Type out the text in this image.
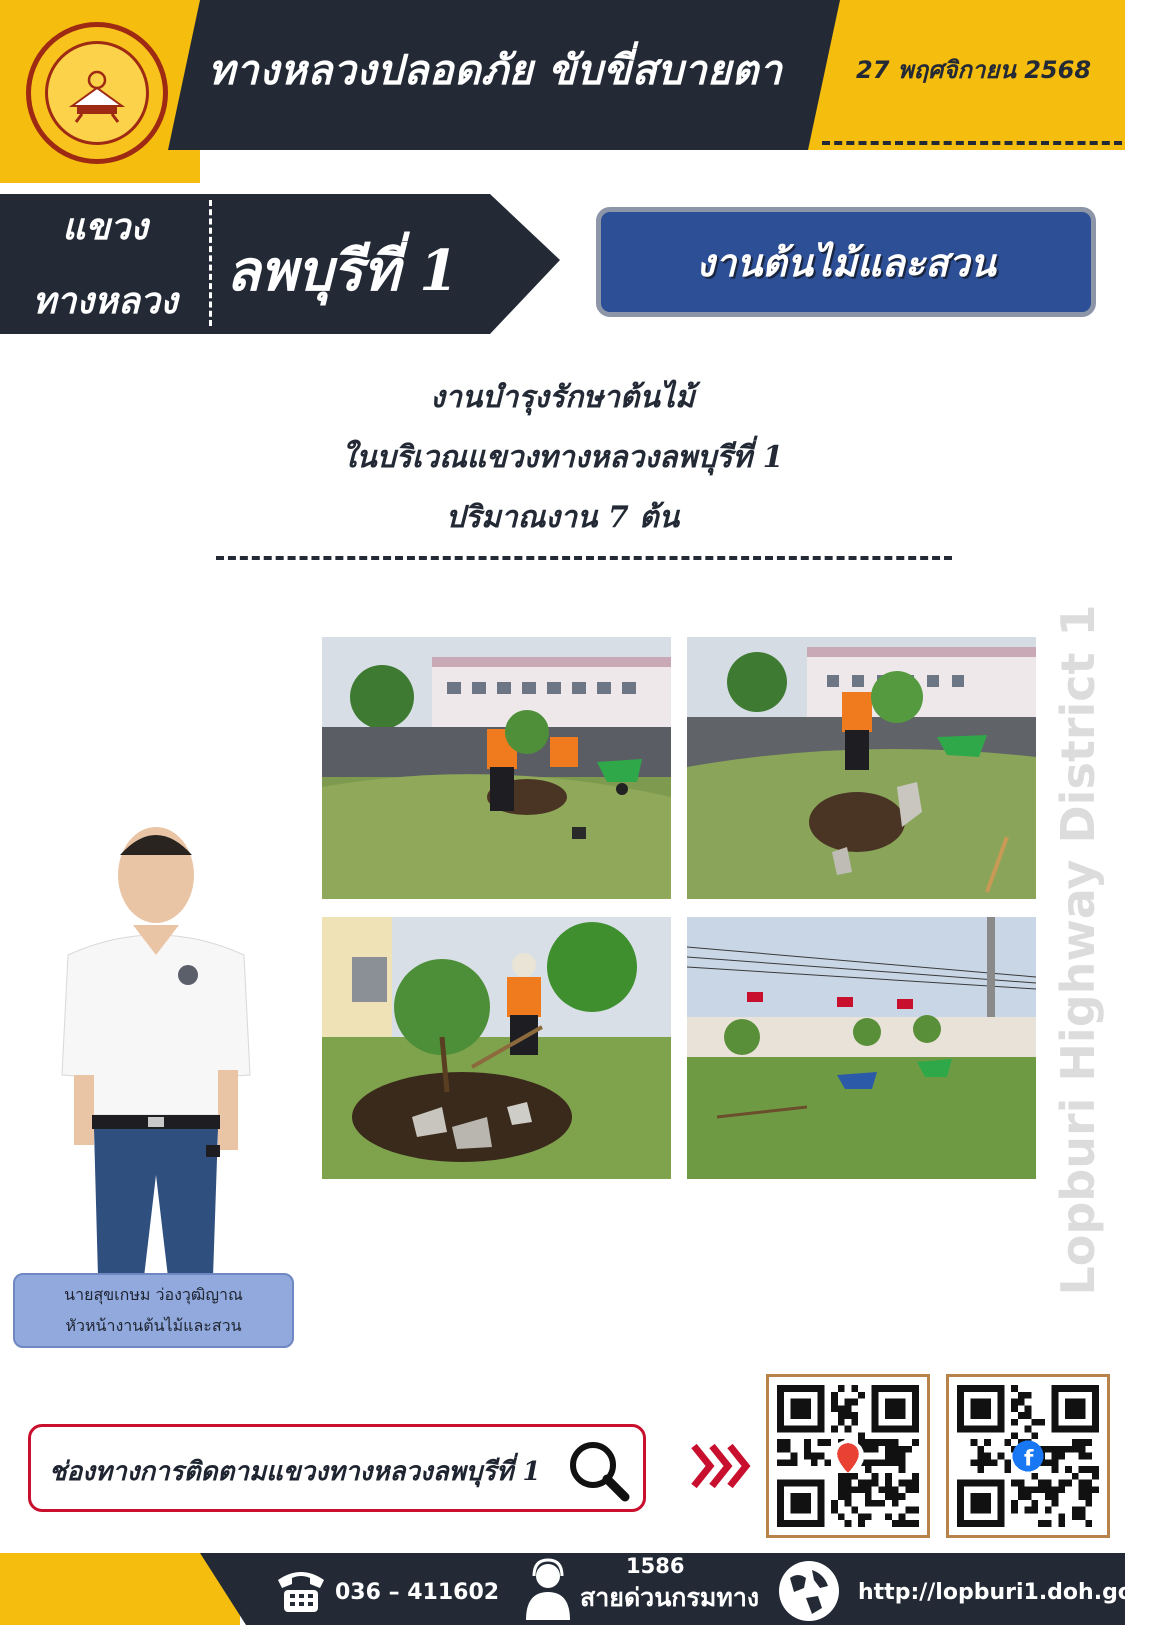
ทางหลวงปลอดภัย ขับขี่สบายตา	27 พฤศจิกายน 2568
แขวง
ทางหลวง ลพบุรีที่ 1	งานต้นไม้และสวน
งานบำรุงรักษาต้นไม้
ในบริเวณแขวงทางหลวงลพบุรีที่ 1
ปริมาณงาน 7 ต้น
Lopburi Highway District 1
นายสุขเกษม ว่องวุฒิญาณ
หัวหน้างานต้นไม้และสวน
ช่องทางการติดตามแขวงทางหลวงลพบุรีที่ 1	f
036 – 411602
1586
สายด่วนกรมทาง	http://lopburi1.doh.go.th/
